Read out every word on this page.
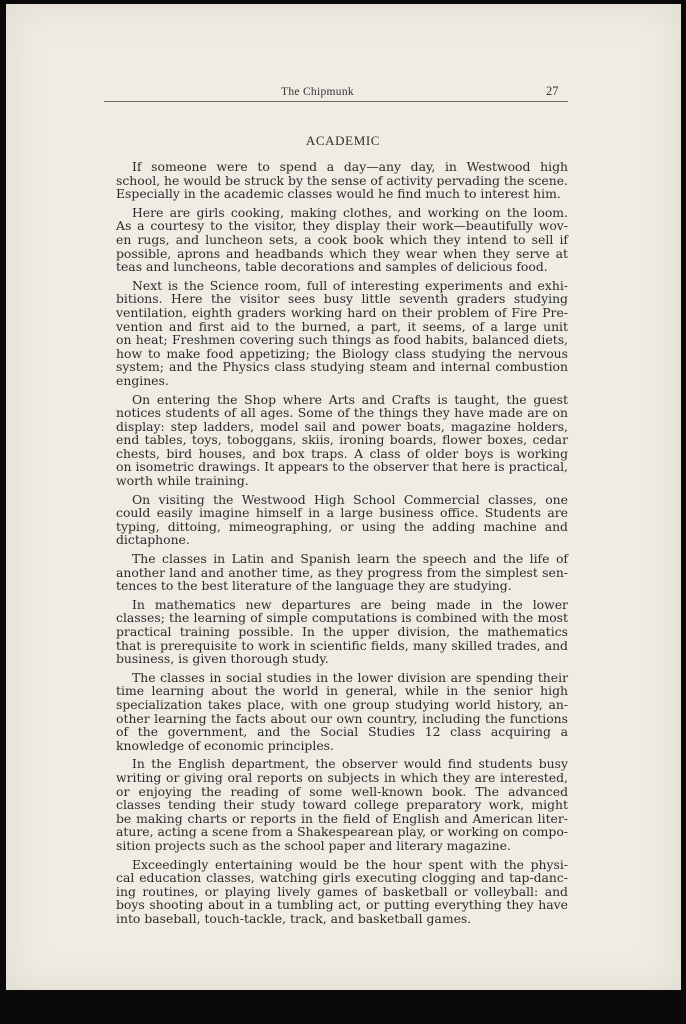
The Chipmunk	27
ACADEMIC

If someone were to spend a day—any day, in Westwood high
school, he would be struck by the sense of activity pervading the scene.
Especially in the academic classes would he find much to interest him.

Here are girls cooking, making clothes, and working on the loom.
As a courtesy to the visitor, they display their work—beautifully wov-
en rugs, and luncheon sets, a cook book which they intend to sell if
possible, aprons and headbands which they wear when they serve at
teas and luncheons, table decorations and samples of delicious food.

Next is the Science room, full of interesting experiments and exhi-
bitions. Here the visitor sees busy little seventh graders studying
ventilation, eighth graders working hard on their problem of Fire Pre-
vention and first aid to the burned, a part, it seems, of a large unit
on heat; Freshmen covering such things as food habits, balanced diets,
how to make food appetizing; the Biology class studying the nervous
system; and the Physics class studying steam and internal combustion
engines.

On entering the Shop where Arts and Crafts is taught, the guest
notices students of all ages. Some of the things they have made are on
display: step ladders, model sail and power boats, magazine holders,
end tables, toys, toboggans, skiis, ironing boards, flower boxes, cedar
chests, bird houses, and box traps. A class of older boys is working
on isometric drawings. It appears to the observer that here is practical,
worth while training.

On visiting the Westwood High School Commercial classes, one
could easily imagine himself in a large business office. Students are
typing, dittoing, mimeographing, or using the adding machine and
dictaphone.

The classes in Latin and Spanish learn the speech and the life of
another land and another time, as they progress from the simplest sen-
tences to the best literature of the language they are studying.

In mathematics new departures are being made in the lower
classes; the learning of simple computations is combined with the most
practical training possible. In the upper division, the mathematics
that is prerequisite to work in scientific fields, many skilled trades, and
business, is given thorough study.

The classes in social studies in the lower division are spending their
time learning about the world in general, while in the senior high
specialization takes place, with one group studying world history, an-
other learning the facts about our own country, including the functions
of the government, and the Social Studies 12 class acquiring a
knowledge of economic principles.

In the English department, the observer would find students busy
writing or giving oral reports on subjects in which they are interested,
or enjoying the reading of some well-known book. The advanced
classes tending their study toward college preparatory work, might
be making charts or reports in the field of English and American liter-
ature, acting a scene from a Shakespearean play, or working on compo-
sition projects such as the school paper and literary magazine.

Exceedingly entertaining would be the hour spent with the physi-
cal education classes, watching girls executing clogging and tap-danc-
ing routines, or playing lively games of basketball or volleyball: and
boys shooting about in a tumbling act, or putting everything they have
into baseball, touch-tackle, track, and basketball games.
